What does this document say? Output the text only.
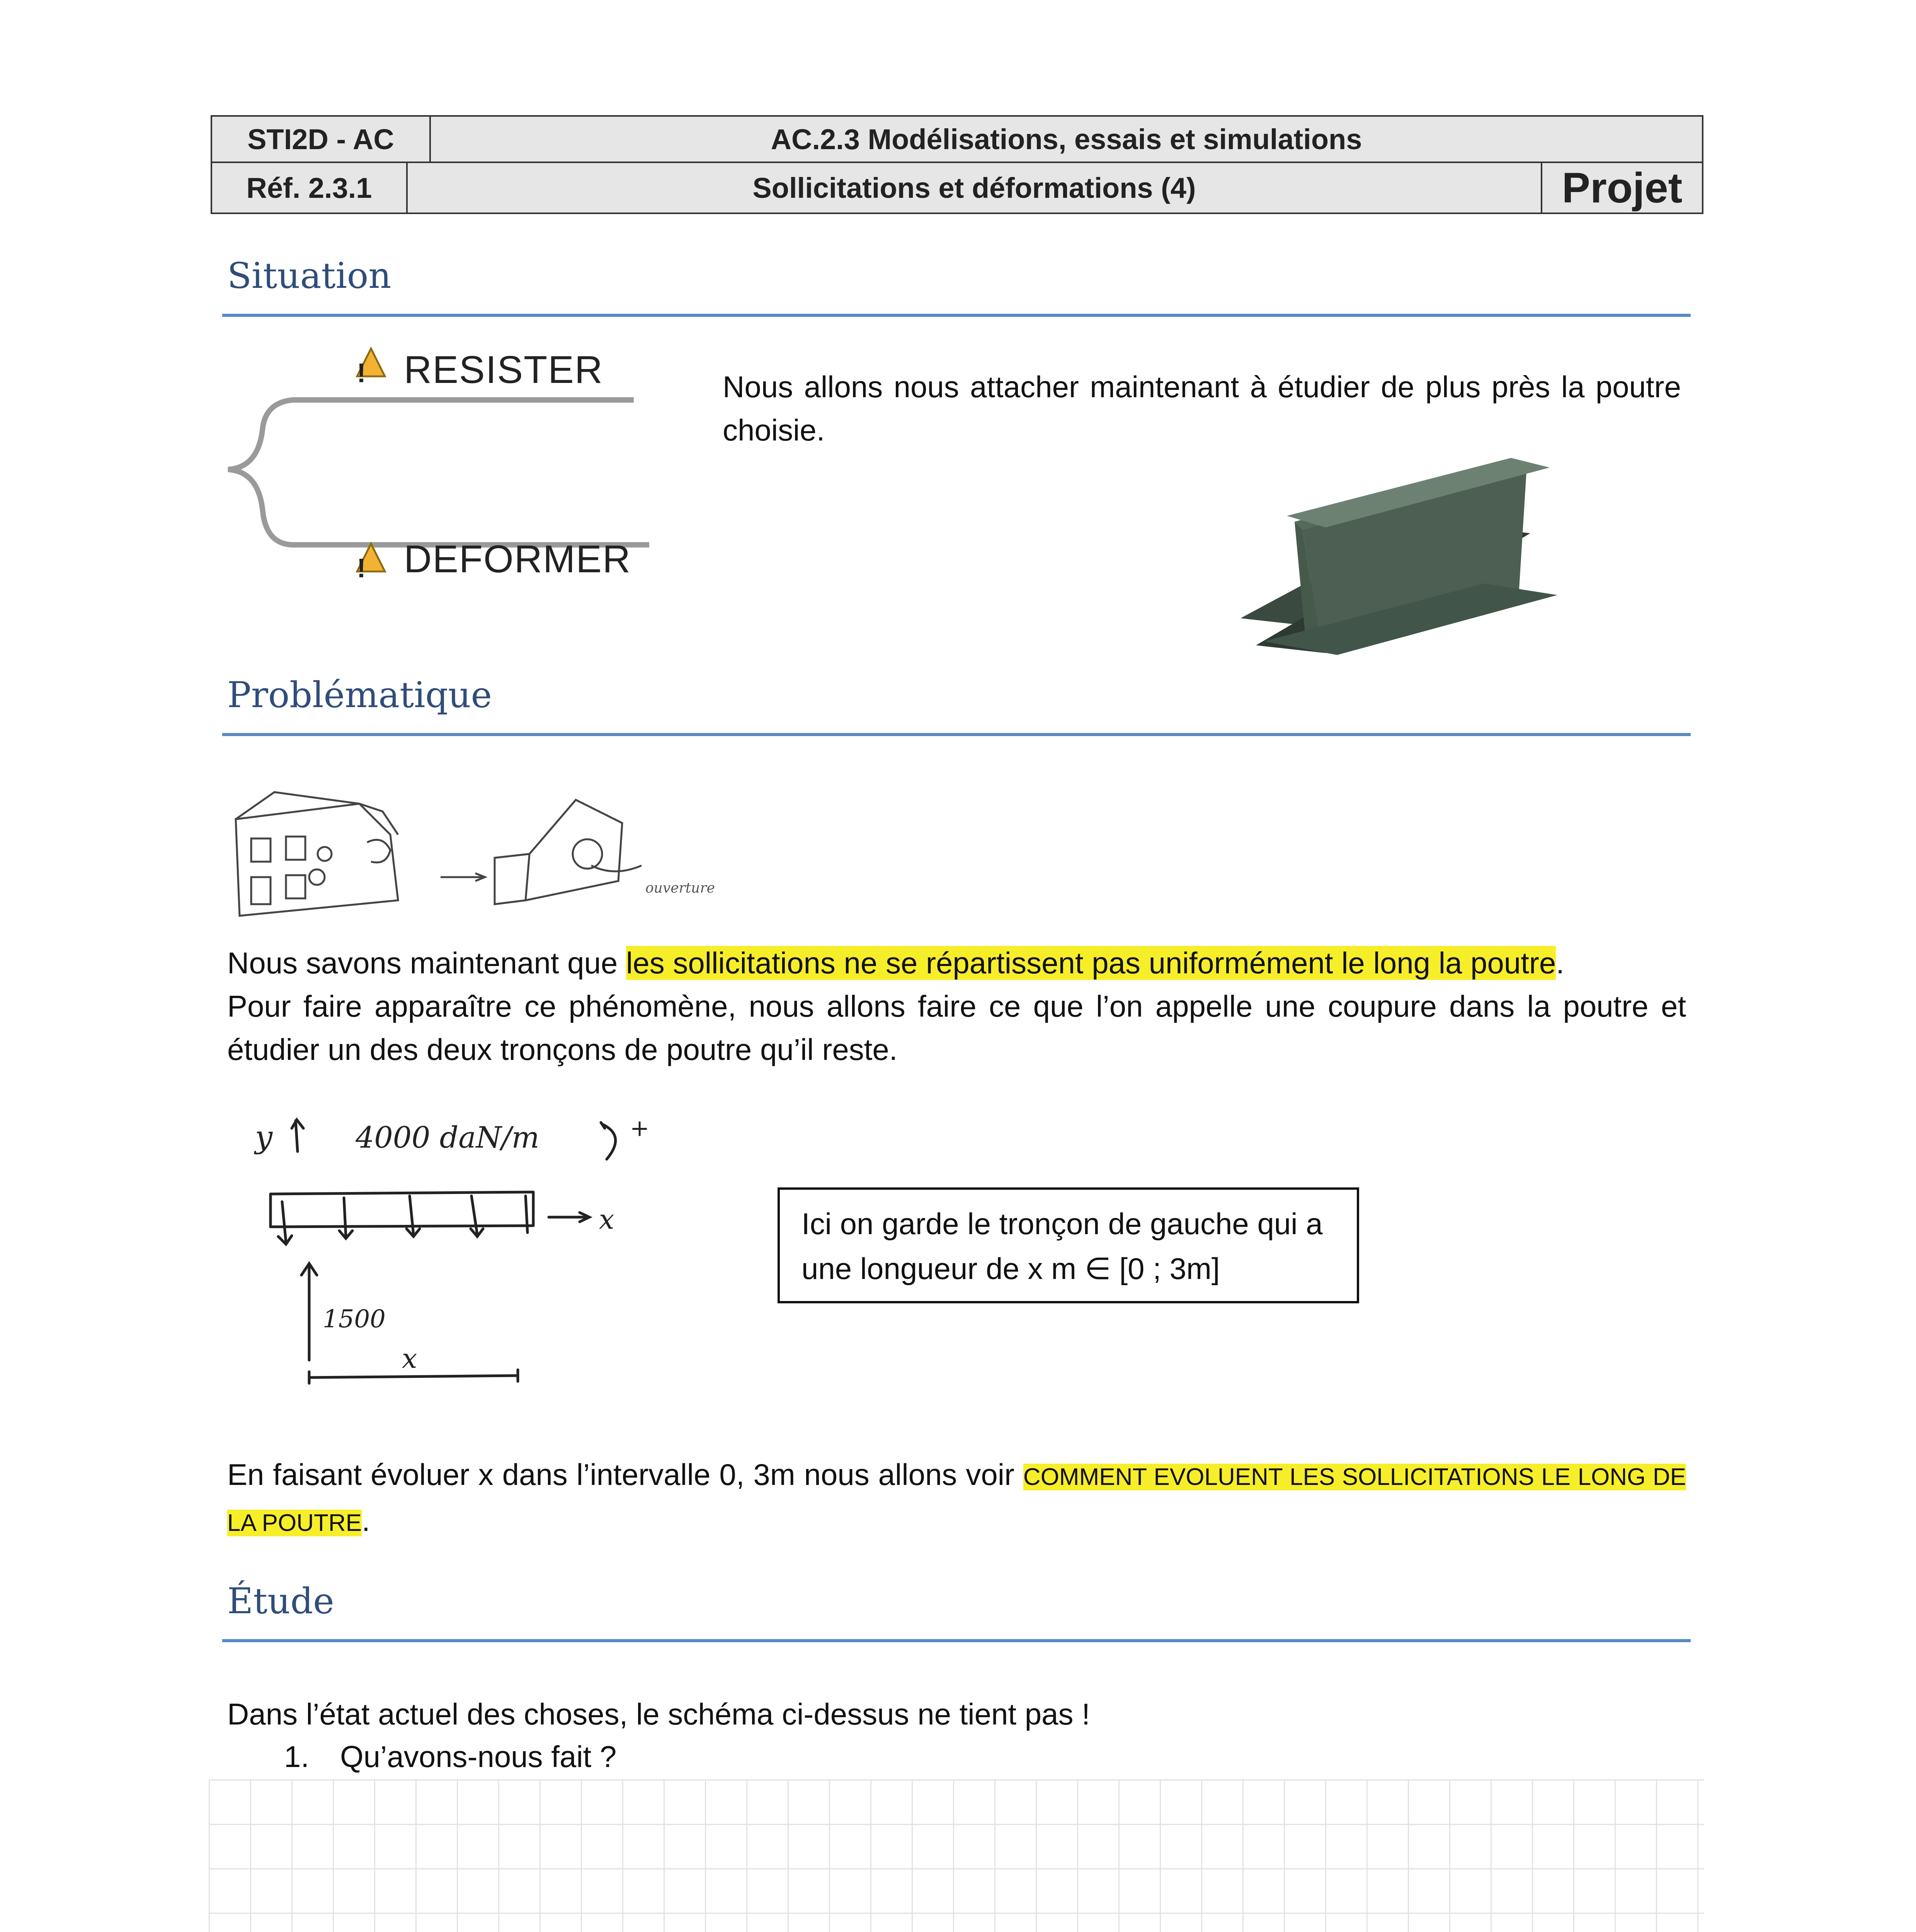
STI2D - AC	AC.2.3 Modélisations, essais et simulations
Réf. 2.3.1	Sollicitations et déformations (4)	Projet
Situation
!
!
RESISTER
DEFORMER
Nous allons nous attacher maintenant à étudier de plus près la poutre choisie.
Problématique
ouverture
Nous savons maintenant que les sollicitations ne se répartissent pas uniformément le long la poutre.
Pour faire apparaître ce phénomène, nous allons faire ce que l’on appelle une coupure dans la poutre et étudier un des deux tronçons de poutre qu’il reste.
y	4000 daN/m	+
x
1500
x
Ici on garde le tronçon de gauche qui a une longueur de x m ∈ [0 ; 3m]
En faisant évoluer x dans l’intervalle 0, 3m nous allons voir COMMENT EVOLUENT LES SOLLICITATIONS LE LONG DE LA POUTRE.
Étude
Dans l’état actuel des choses, le schéma ci-dessus ne tient pas !
1. Qu’avons-nous fait ?
